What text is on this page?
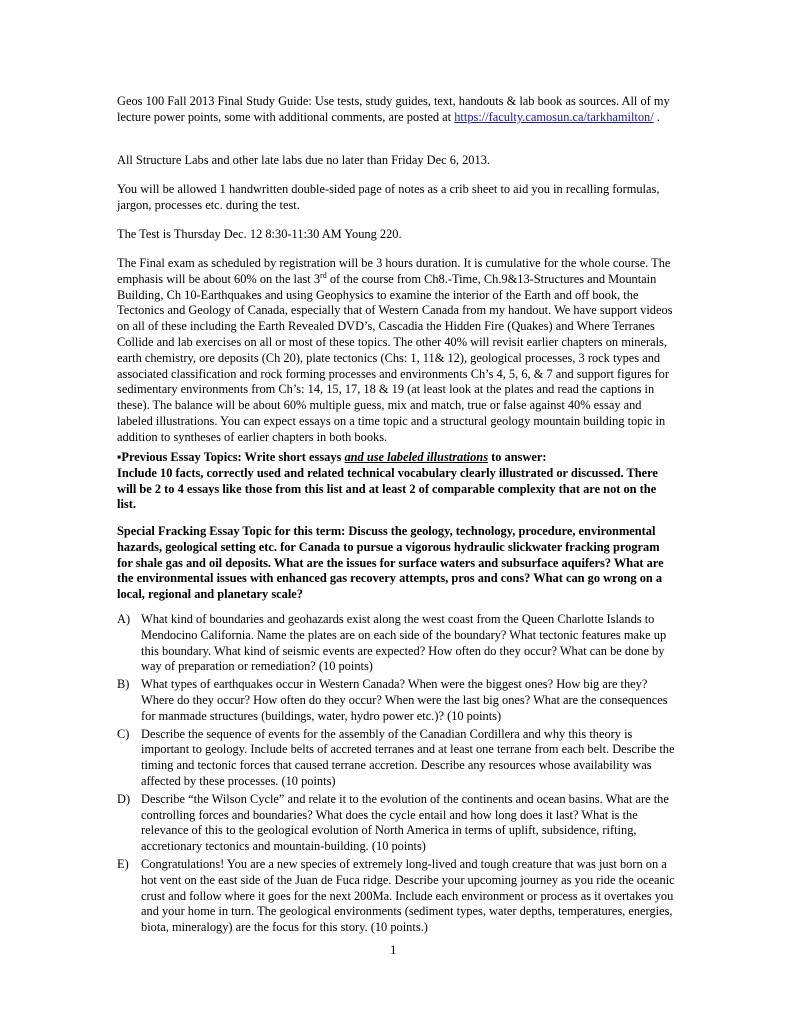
Geos 100 Fall 2013 Final Study Guide: Use tests, study guides, text, handouts & lab book as sources. All of my lecture power points, some with additional comments, are posted at https://faculty.camosun.ca/tarkhamilton/ .

All Structure Labs and other late labs due no later than Friday Dec 6, 2013.

You will be allowed 1 handwritten double-sided page of notes as a crib sheet to aid you in recalling formulas, jargon, processes etc. during the test.

The Test is Thursday Dec. 12 8:30-11:30 AM Young 220.

The Final exam as scheduled by registration will be 3 hours duration. It is cumulative for the whole course. The emphasis will be about 60% on the last 3rd of the course from Ch8.-Time, Ch.9&13-Structures and Mountain Building, Ch 10-Earthquakes and using Geophysics to examine the interior of the Earth and off book, the Tectonics and Geology of Canada, especially that of Western Canada from my handout. We have support videos on all of these including the Earth Revealed DVD’s, Cascadia the Hidden Fire (Quakes) and Where Terranes Collide and lab exercises on all or most of these topics. The other 40% will revisit earlier chapters on minerals, earth chemistry, ore deposits (Ch 20), plate tectonics (Chs: 1, 11& 12), geological processes, 3 rock types and associated classification and rock forming processes and environments Ch’s 4, 5, 6, & 7 and support figures for sedimentary environments from Ch’s: 14, 15, 17, 18 & 19 (at least look at the plates and read the captions in these). The balance will be about 60% multiple guess, mix and match, true or false against 40% essay and labeled illustrations. You can expect essays on a time topic and a structural geology mountain building topic in addition to syntheses of earlier chapters in both books.

▪Previous Essay Topics: Write short essays and use labeled illustrations to answer:
Include 10 facts, correctly used and related technical vocabulary clearly illustrated or discussed. There will be 2 to 4 essays like those from this list and at least 2 of comparable complexity that are not on the list.

Special Fracking Essay Topic for this term: Discuss the geology, technology, procedure, environmental hazards, geological setting etc. for Canada to pursue a vigorous hydraulic slickwater fracking program for shale gas and oil deposits. What are the issues for surface waters and subsurface aquifers? What are the environmental issues with enhanced gas recovery attempts, pros and cons? What can go wrong on a local, regional and planetary scale?

A) What kind of boundaries and geohazards exist along the west coast from the Queen Charlotte Islands to Mendocino California. Name the plates are on each side of the boundary? What tectonic features make up this boundary. What kind of seismic events are expected? How often do they occur? What can be done by way of preparation or remediation? (10 points)
B) What types of earthquakes occur in Western Canada? When were the biggest ones? How big are they? Where do they occur? How often do they occur? When were the last big ones? What are the consequences for manmade structures (buildings, water, hydro power etc.)? (10 points)
C) Describe the sequence of events for the assembly of the Canadian Cordillera and why this theory is important to geology. Include belts of accreted terranes and at least one terrane from each belt. Describe the timing and tectonic forces that caused terrane accretion. Describe any resources whose availability was affected by these processes. (10 points)
D) Describe “the Wilson Cycle” and relate it to the evolution of the continents and ocean basins. What are the controlling forces and boundaries? What does the cycle entail and how long does it last? What is the relevance of this to the geological evolution of North America in terms of uplift, subsidence, rifting, accretionary tectonics and mountain-building. (10 points)
E) Congratulations! You are a new species of extremely long-lived and tough creature that was just born on a hot vent on the east side of the Juan de Fuca ridge. Describe your upcoming journey as you ride the oceanic crust and follow where it goes for the next 200Ma. Include each environment or process as it overtakes you and your home in turn. The geological environments (sediment types, water depths, temperatures, energies, biota, mineralogy) are the focus for this story. (10 points.)
1
